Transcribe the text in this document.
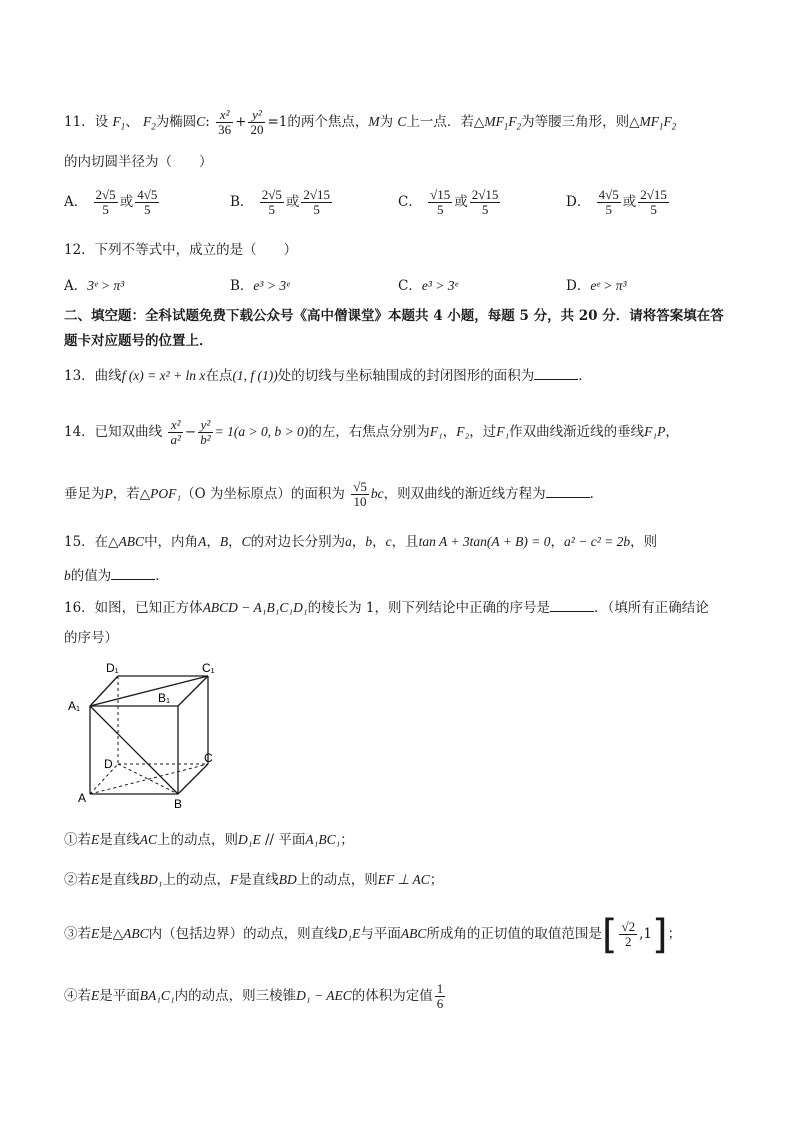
11．设 $F_1$、 $F_2$为椭圆C: $\frac{\text{x²}}{36} + \frac{\text{y²}}{20} =1$的两个焦点，M为 C上一点．若$\triangle MF_1F_2$为等腰三角形，则$\triangle MF_1F_2$
的内切圆半径为（　　）
A． $\frac{2√5}{5}$ 或 $\frac{4√5}{5}$	B． $\frac{2√5}{5}$ 或 $\frac{2√15}{5}$	C． $\frac{√15}{5}$ 或 $\frac{2√15}{5}$	D． $\frac{4√5}{5}$ 或 $\frac{2√15}{5}$
12．下列不等式中，成立的是（　　）
A．3ᵉ > π³	B．e³ > 3ᵉ	C．e³ > 3ᵉ	D．eᵉ > π³
二、填空题：全科试题免费下载公众号《高中僧课堂》本题共 4 小题，每题 5 分，共 20 分．请将答案填在答
题卡对应题号的位置上．
13．曲线f (x) = x² + ln x在点(1, f (1))处的切线与坐标轴围成的封闭图形的面积为	．
14．已知双曲线 $\frac{\text{x²}}{\text{a²}} - \frac{\text{y²}}{\text{b²}} = 1(a > 0$, b > 0)的左，右焦点分别为F₁，F₂，过F₁作双曲线渐近线的垂线F₁P，
垂足为P，若△POF₁（O 为坐标原点）的面积为 $\frac{√5}{10}$ bc，则双曲线的渐近线方程为	．
15．在△ABC中，内角A，B，C的对边长分别为a，b，c，且tan A + 3tan(A + B) = 0，a² − c² = 2b，则
b的值为	．
16．如图，已知正方体ABCD − A₁B₁C₁D₁的棱长为 1，则下列结论中正确的序号是	．（填所有正确结论
的序号）
D₁	C₁
A₁
B₁
D	C
A	B
①若E是直线AC上的动点，则D₁E // 平面A₁BC₁；
②若E是直线BD₁上的动点，F是直线BD上的动点，则EF ⊥ AC；
③若E是△ABC内（包括边界）的动点，则直线D₁E与平面ABC所成角的正切值的取值范围是[ $\frac{√2}{2} ,1$]；
④若E是平面BA₁C₁内的动点，则三棱锥D₁ − AEC的体积为定值 $\frac{1}{6}$
